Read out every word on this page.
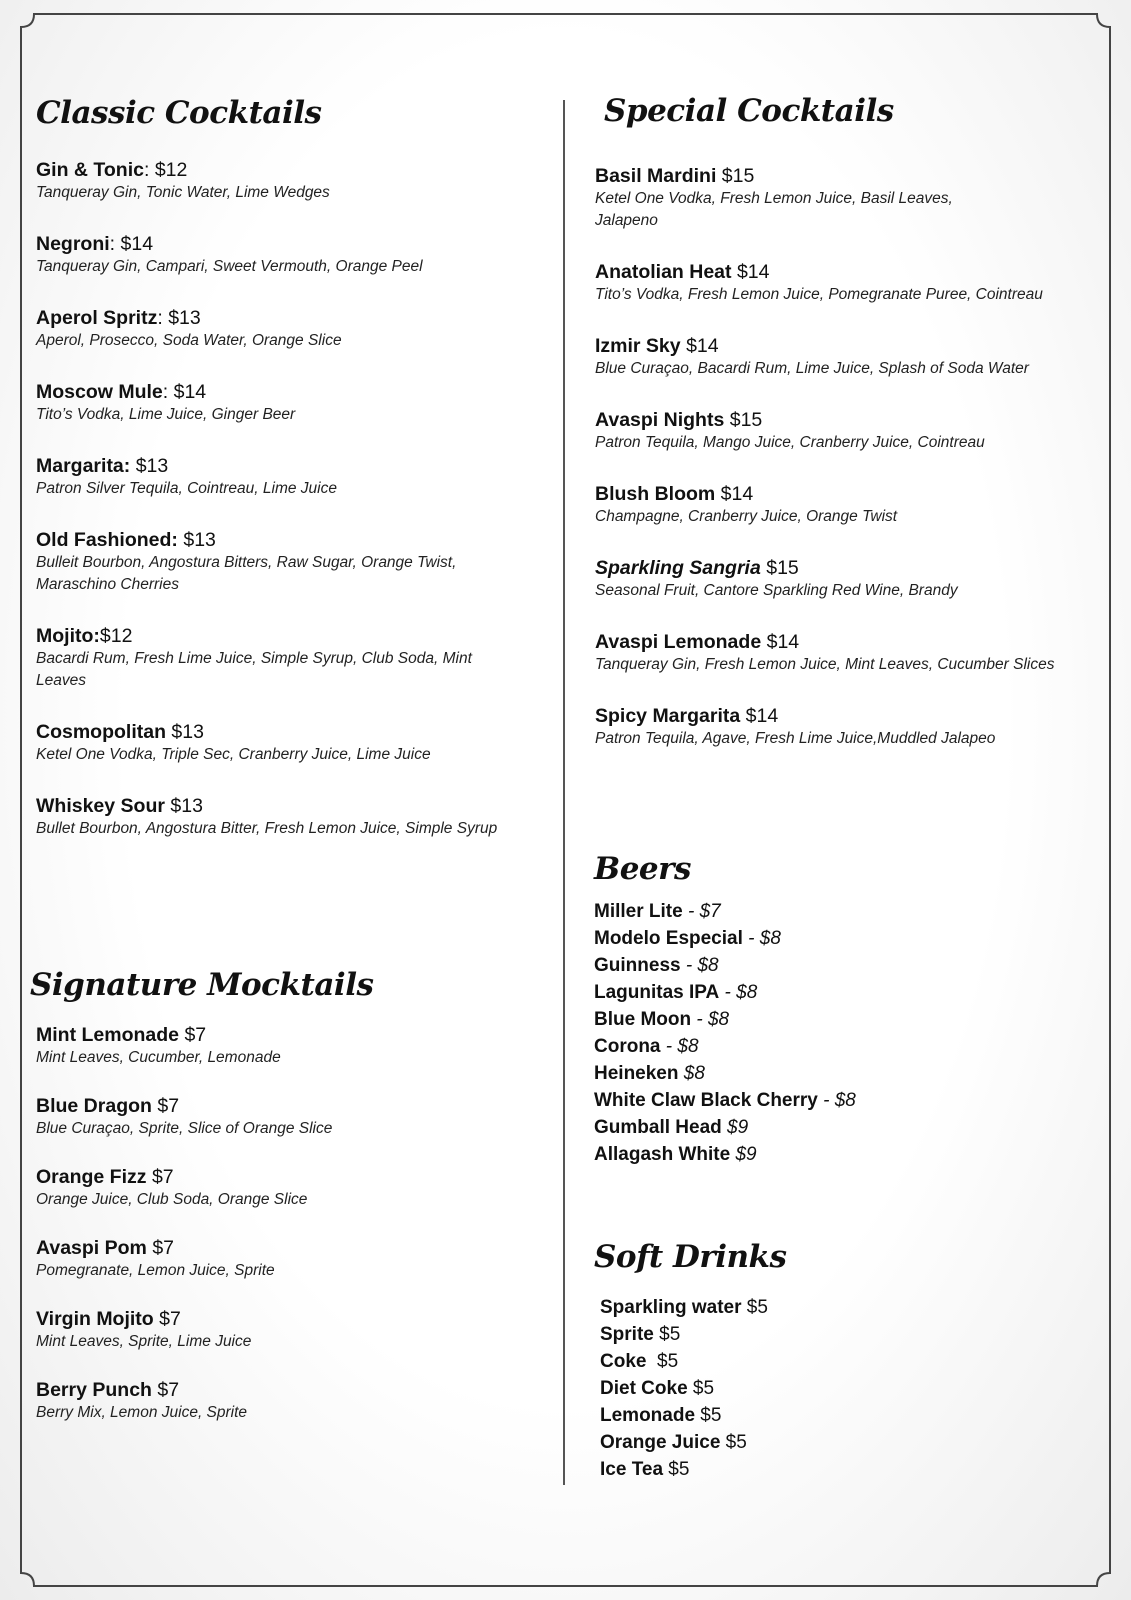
Classic Cocktails
Gin & Tonic: $12
Tanqueray Gin, Tonic Water, Lime Wedges
Negroni: $14
Tanqueray Gin, Campari, Sweet Vermouth, Orange Peel
Aperol Spritz: $13
Aperol, Prosecco, Soda Water, Orange Slice
Moscow Mule: $14
Tito’s Vodka, Lime Juice, Ginger Beer
Margarita: $13
Patron Silver Tequila, Cointreau, Lime Juice
Old Fashioned: $13
Bulleit Bourbon, Angostura Bitters, Raw Sugar, Orange Twist,
Maraschino Cherries
Mojito:$12
Bacardi Rum, Fresh Lime Juice, Simple Syrup, Club Soda, Mint
Leaves
Cosmopolitan $13
Ketel One Vodka, Triple Sec, Cranberry Juice, Lime Juice
Whiskey Sour $13
Bullet Bourbon, Angostura Bitter, Fresh Lemon Juice, Simple Syrup
Signature Mocktails
Mint Lemonade $7
Mint Leaves, Cucumber, Lemonade
Blue Dragon $7
Blue Curaçao, Sprite, Slice of Orange Slice
Orange Fizz $7
Orange Juice, Club Soda, Orange Slice
Avaspi Pom $7
Pomegranate, Lemon Juice, Sprite
Virgin Mojito $7
Mint Leaves, Sprite, Lime Juice
Berry Punch $7
Berry Mix, Lemon Juice, Sprite
Special Cocktails
Basil Mardini $15
Ketel One Vodka, Fresh Lemon Juice, Basil Leaves,
Jalapeno
Anatolian Heat $14
Tito’s Vodka, Fresh Lemon Juice, Pomegranate Puree, Cointreau
Izmir Sky $14
Blue Curaçao, Bacardi Rum, Lime Juice, Splash of Soda Water
Avaspi Nights $15
Patron Tequila, Mango Juice, Cranberry Juice, Cointreau
Blush Bloom $14
Champagne, Cranberry Juice, Orange Twist
Sparkling Sangria $15
Seasonal Fruit, Cantore Sparkling Red Wine, Brandy
Avaspi Lemonade $14
Tanqueray Gin, Fresh Lemon Juice, Mint Leaves, Cucumber Slices
Spicy Margarita $14
Patron Tequila, Agave, Fresh Lime Juice,Muddled Jalapeo
Beers
Miller Lite - $7
Modelo Especial - $8
Guinness - $8
Lagunitas IPA - $8
Blue Moon - $8
Corona - $8
Heineken $8
White Claw Black Cherry - $8
Gumball Head $9
Allagash White $9
Soft Drinks
Sparkling water $5
Sprite $5
Coke  $5
Diet Coke $5
Lemonade $5
Orange Juice $5
Ice Tea $5
